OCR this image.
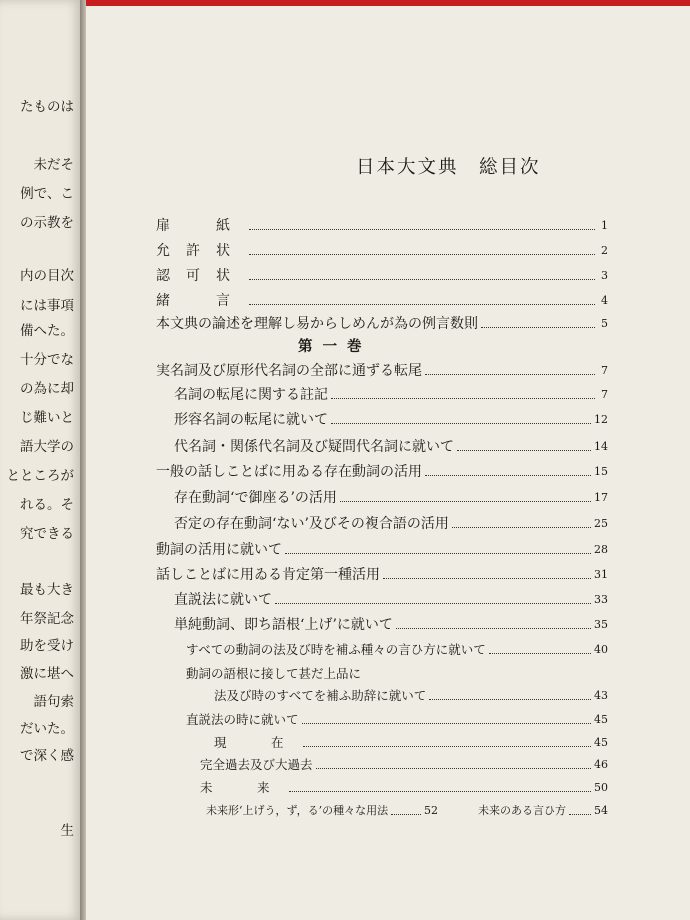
たものは
未だそ
例で、こ
の示教を
内の目次
には事項
備へた。
十分でな
の為に却
じ難いと
語大学の
とところが
れる。そ
究できる
最も大き
年祭記念
助を受け
激に堪へ
語句索
だいた。
で深く感
生
日本大文典　総目次
第一巻
扉　紙	1
允許状	2
認可状	3
緒　言	4
本文典の論述を理解し易からしめんが為の例言数則	5
実名詞及び原形代名詞の全部に通ずる転尾	7
名詞の転尾に関する註記	7
形容名詞の転尾に就いて	12
代名詞・関係代名詞及び疑問代名詞に就いて	14
一般の話しことばに用ゐる存在動詞の活用	15
存在動詞‘で御座る’の活用	17
否定の存在動詞‘ない’及びその複合語の活用	25
動詞の活用に就いて	28
話しことばに用ゐる肯定第一種活用	31
直説法に就いて	33
単純動詞、即ち語根‘上げ’に就いて	35
すべての動詞の法及び時を補ふ種々の言ひ方に就いて	40
動詞の語根に接して甚だ上品に
法及び時のすべてを補ふ助辞に就いて	43
直説法の時に就いて	45
現　在	45
完全過去及び大過去	46
未　来	50
未来形‘上げう，ず，る’の種々な用法	52	未来のある言ひ方	54
